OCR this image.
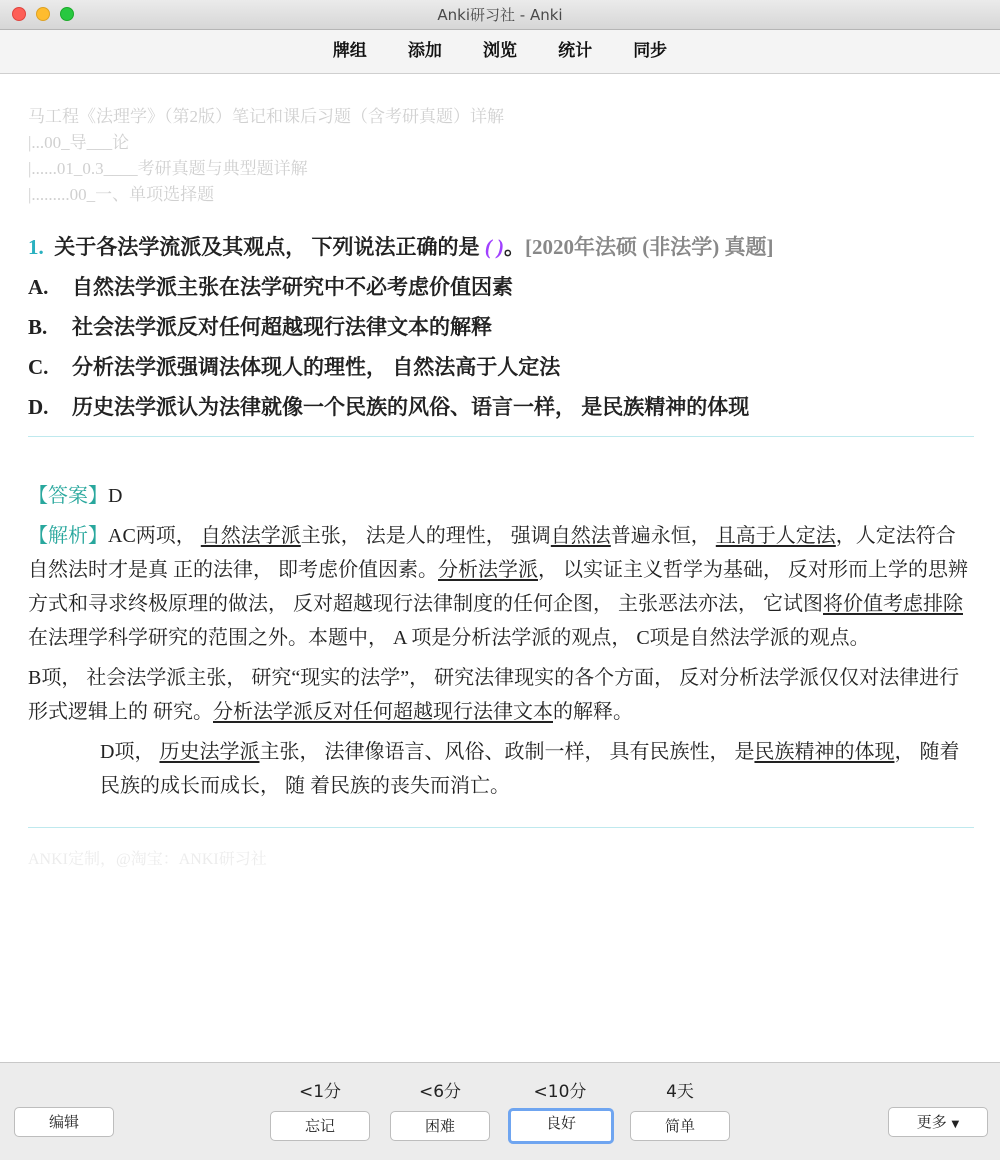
Anki研习社 - Anki
牌组 添加 浏览 统计 同步
马工程《法理学》（第2版）笔记和课后习题（含考研真题）详解
|...00_导___论
|......01_0.3____考研真题与典型题详解
|.........00_一、单项选择题
1. 关于各法学流派及其观点， 下列说法正确的是 ( )。[2020年法硕 (非法学) 真题]
A. 自然法学派主张在法学研究中不必考虑价值因素
B. 社会法学派反对任何超越现行法律文本的解释
C. 分析法学派强调法体现人的理性， 自然法高于人定法
D. 历史法学派认为法律就像一个民族的风俗、语言一样， 是民族精神的体现

【答案】D

【解析】AC两项， 自然法学派主张， 法是人的理性， 强调自然法普遍永恒， 且高于人定法，人定法符合自然法时才是真 正的法律， 即考虑价值因素。分析法学派， 以实证主义哲学为基础， 反对形而上学的思辨方式和寻求终极原理的做法， 反对超越现行法律制度的任何企图， 主张恶法亦法， 它试图将价值考虑排除在法理学科学研究的范围之外。本题中， A 项是分析法学派的观点， C项是自然法学派的观点。

B项， 社会法学派主张， 研究“现实的法学”， 研究法律现实的各个方面， 反对分析法学派仅仅对法律进行形式逻辑上的 研究。分析法学派反对任何超越现行法律文本的解释。

D项， 历史法学派主张， 法律像语言、风俗、政制一样， 具有民族性， 是民族精神的体现， 随着民族的成长而成长， 随 着民族的丧失而消亡。

ANKI定制，@淘宝：ANKI研习社
编辑
<1分	<6分	<10分	4天
忘记	困难	良好	简单	更多 ▼
